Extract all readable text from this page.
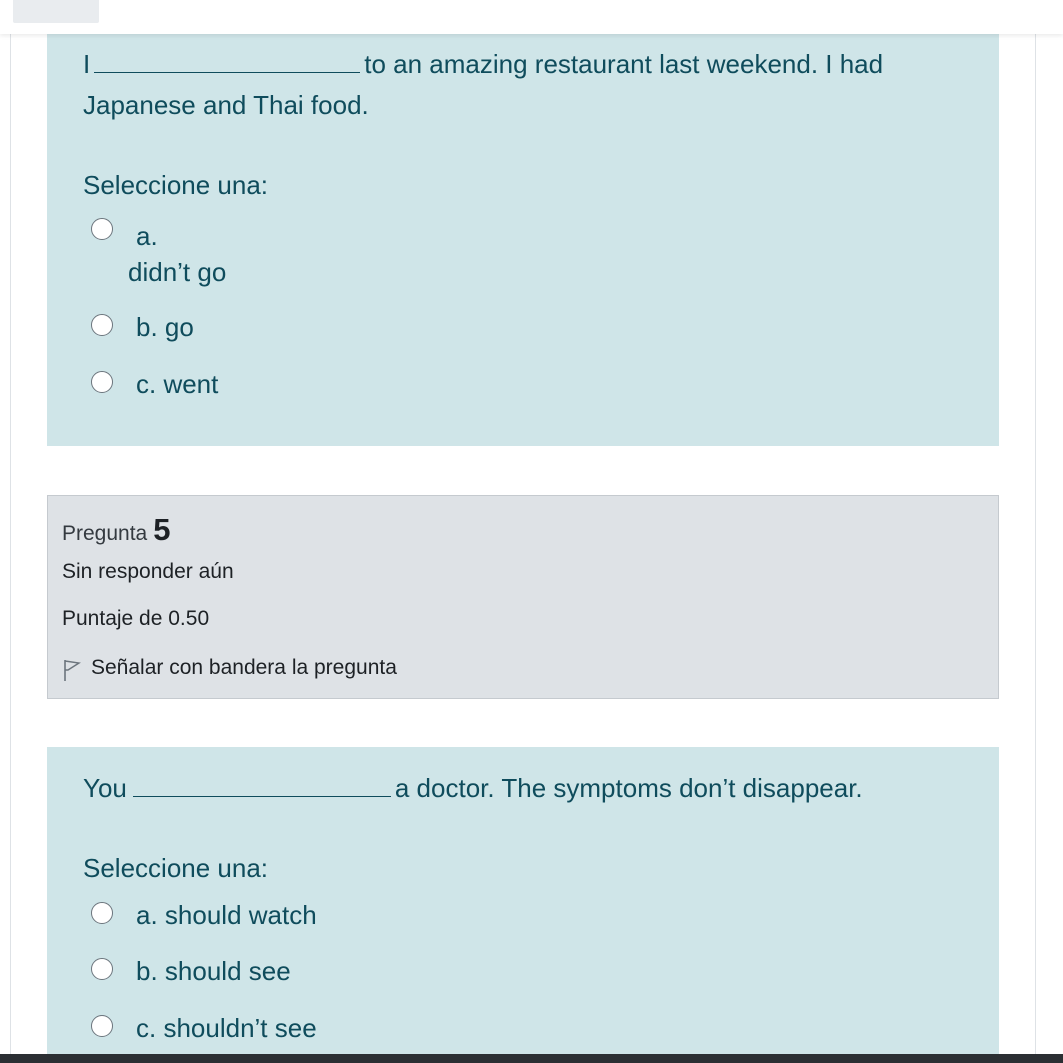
I	to an amazing restaurant last weekend. I had
Japanese and Thai food.
Seleccione una:
a.
didn’t go
b. go
c. went
Pregunta 5
Sin responder aún
Puntaje de 0.50
Señalar con bandera la pregunta
You	a doctor. The symptoms don’t disappear.
Seleccione una:
a. should watch
b. should see
c. shouldn’t see
